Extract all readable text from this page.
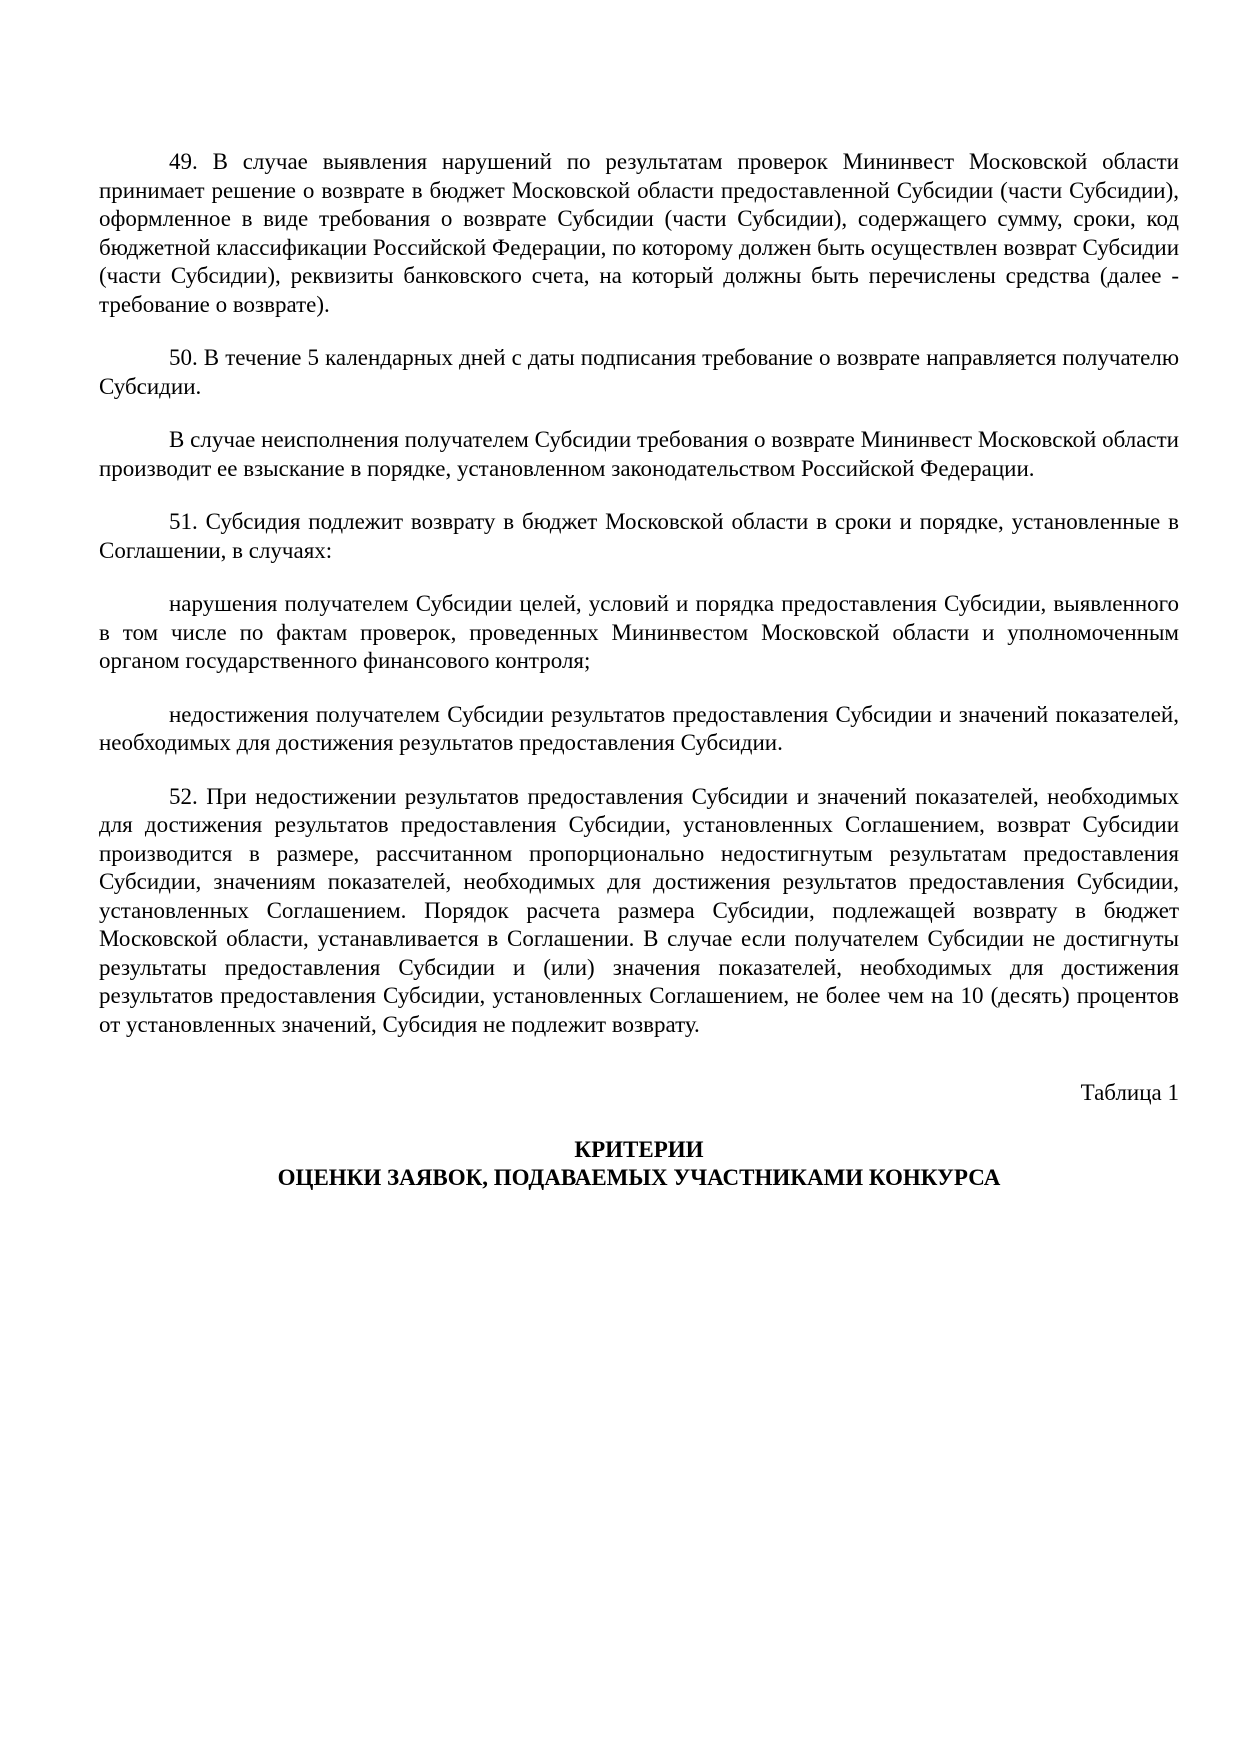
49. В случае выявления нарушений по результатам проверок Мининвест Московской области принимает решение о возврате в бюджет Московской области предоставленной Субсидии (части Субсидии), оформленное в виде требования о возврате Субсидии (части Субсидии), содержащего сумму, сроки, код бюджетной классификации Российской Федерации, по которому должен быть осуществлен возврат Субсидии (части Субсидии), реквизиты банковского счета, на который должны быть перечислены средства (далее - требование о возврате).

50. В течение 5 календарных дней с даты подписания требование о возврате направляется получателю Субсидии.

В случае неисполнения получателем Субсидии требования о возврате Мининвест Московской области производит ее взыскание в порядке, установленном законодательством Российской Федерации.

51. Субсидия подлежит возврату в бюджет Московской области в сроки и порядке, установленные в Соглашении, в случаях:

нарушения получателем Субсидии целей, условий и порядка предоставления Субсидии, выявленного в том числе по фактам проверок, проведенных Мининвестом Московской области и уполномоченным органом государственного финансового контроля;

недостижения получателем Субсидии результатов предоставления Субсидии и значений показателей, необходимых для достижения результатов предоставления Субсидии.

52. При недостижении результатов предоставления Субсидии и значений показателей, необходимых для достижения результатов предоставления Субсидии, установленных Соглашением, возврат Субсидии производится в размере, рассчитанном пропорционально недостигнутым результатам предоставления Субсидии, значениям показателей, необходимых для достижения результатов предоставления Субсидии, установленных Соглашением. Порядок расчета размера Субсидии, подлежащей возврату в бюджет Московской области, устанавливается в Соглашении. В случае если получателем Субсидии не достигнуты результаты предоставления Субсидии и (или) значения показателей, необходимых для достижения результатов предоставления Субсидии, установленных Соглашением, не более чем на 10 (десять) процентов от установленных значений, Субсидия не подлежит возврату.

Таблица 1

КРИТЕРИИ
ОЦЕНКИ ЗАЯВОК, ПОДАВАЕМЫХ УЧАСТНИКАМИ КОНКУРСА
